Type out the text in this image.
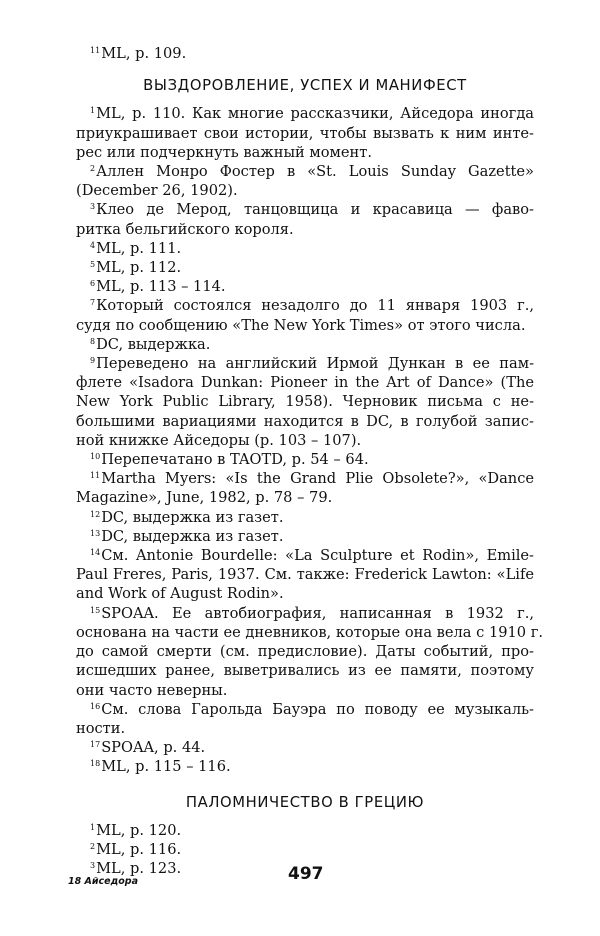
$^{11}$ML, p. 109.
ВЫЗДОРОВЛЕНИЕ, УСПЕХ И МАНИФЕСТ
$^1$ML, p. 110. Как многие рассказчики, Айседора иногда
приукрашивает свои истории, чтобы вызвать к ним инте-
рес или подчеркнуть важный момент.
$^2$Аллен Монро Фостер в «St. Louis Sunday Gazette»
(December 26, 1902).
$^3$Клео де Мерод, танцовщица и красавица — фаво-
ритка бельгийского короля.
$^4$ML, p. 111.
$^5$ML, p. 112.
$^6$ML, p. 113 – 114.
$^7$Который состоялся незадолго до 11 января 1903 г.,
судя по сообщению «The New York Times» от этого числа.
$^8$DC, выдержка.
$^9$Переведено на английский Ирмой Дункан в ее пам-
флете «Isadora Dunkan: Pioneer in the Art of Dance» (The
New York Public Library, 1958). Черновик письма с не-
большими вариациями находится в DC, в голубой запис-
ной книжке Айседоры (p. 103 – 107).
$^{10}$Перепечатано в TAOTD, p. 54 – 64.
$^{11}$Martha Myers: «Is the Grand Plie Obsolete?», «Dance
Magazine», June, 1982, p. 78 – 79.
$^{12}$DC, выдержка из газет.
$^{13}$DC, выдержка из газет.
$^{14}$См. Antonie Bourdelle: «La Sculpture et Rodin», Emile-
Paul Freres, Paris, 1937. См. также: Frederick Lawton: «Life
and Work of August Rodin».
$^{15}$SPOAA. Ее автобиография, написанная в 1932 г.,
основана на части ее дневников, которые она вела с 1910 г.
до самой смерти (см. предисловие). Даты событий, про-
исшедших ранее, выветривались из ее памяти, поэтому
они часто неверны.
$^{16}$См. слова Гарольда Бауэра по поводу ее музыкаль-
ности.
$^{17}$SPOAA, p. 44.
$^{18}$ML, p. 115 – 116.
ПАЛОМНИЧЕСТВО В ГРЕЦИЮ
$^1$ML, p. 120.
$^2$ML, p. 116.
$^3$ML, p. 123.
18 Айседора	497
